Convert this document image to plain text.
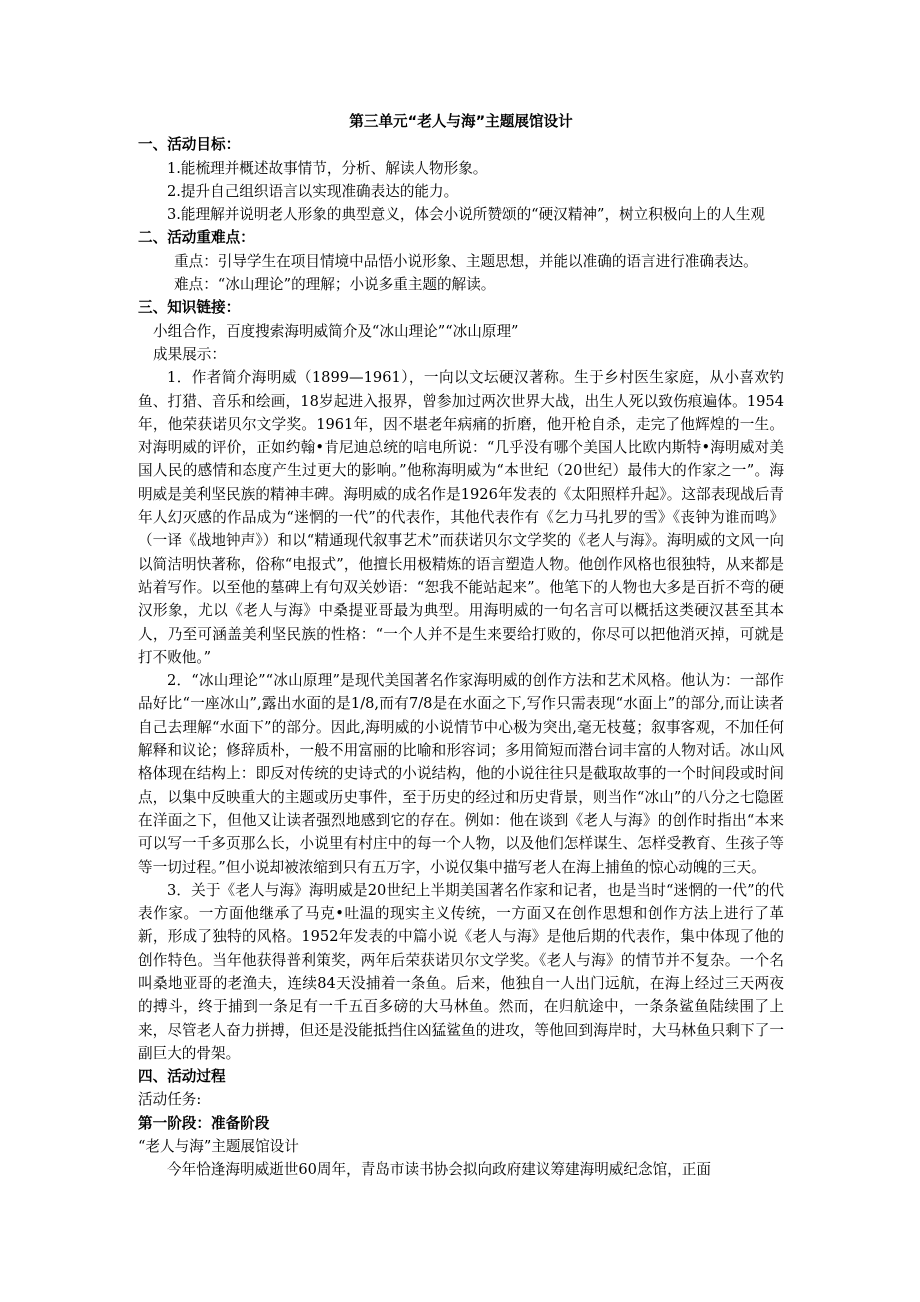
第三单元“老人与海”主题展馆设计
一、活动目标：
1.能梳理并概述故事情节，分析、解读人物形象。
2.提升自己组织语言以实现准确表达的能力。
3.能理解并说明老人形象的典型意义，体会小说所赞颂的“硬汉精神”，树立积极向上的人生观
二、活动重难点：
重点：引导学生在项目情境中品悟小说形象、主题思想，并能以准确的语言进行准确表达。
难点：“冰山理论”的理解；小说多重主题的解读。
三、知识链接：
小组合作，百度搜索海明威简介及“冰山理论”“冰山原理”
成果展示：
1．作者简介海明威（1899—1961），一向以文坛硬汉著称。生于乡村医生家庭，从小喜欢钓鱼、打猎、音乐和绘画，18岁起进入报界，曾参加过两次世界大战，出生人死以致伤痕遍体。1954年，他荣获诺贝尔文学奖。1961年，因不堪老年病痛的折磨，他开枪自杀，走完了他辉煌的一生。对海明威的评价，正如约翰•肯尼迪总统的唁电所说：“几乎没有哪个美国人比欧内斯特•海明威对美国人民的感情和态度产生过更大的影响。”他称海明威为“本世纪（20世纪）最伟大的作家之一”。海明威是美利坚民族的精神丰碑。海明威的成名作是1926年发表的《太阳照样升起》。这部表现战后青年人幻灭感的作品成为“迷惘的一代”的代表作，其他代表作有《乞力马扎罗的雪》《丧钟为谁而鸣》（一译《战地钟声》）和以“精通现代叙事艺术”而获诺贝尔文学奖的《老人与海》。海明威的文风一向以简洁明快著称，俗称“电报式”，他擅长用极精炼的语言塑造人物。他创作风格也很独特，从来都是站着写作。以至他的墓碑上有句双关妙语：“恕我不能站起来”。他笔下的人物也大多是百折不弯的硬汉形象，尤以《老人与海》中桑提亚哥最为典型。用海明威的一句名言可以概括这类硬汉甚至其本人，乃至可涵盖美利坚民族的性格：“一个人并不是生来要给打败的，你尽可以把他消灭掉，可就是打不败他。”
2．“冰山理论”“冰山原理”是现代美国著名作家海明威的创作方法和艺术风格。他认为：一部作品好比“一座冰山”,露出水面的是1/8,而有7/8是在水面之下,写作只需表现“水面上”的部分,而让读者自己去理解“水面下”的部分。因此,海明威的小说情节中心极为突出,毫无枝蔓；叙事客观，不加任何解释和议论；修辞质朴，一般不用富丽的比喻和形容词；多用简短而潜台词丰富的人物对话。冰山风格体现在结构上：即反对传统的史诗式的小说结构，他的小说往往只是截取故事的一个时间段或时间点，以集中反映重大的主题或历史事件，至于历史的经过和历史背景，则当作“冰山”的八分之七隐匿在洋面之下，但他又让读者强烈地感到它的存在。例如：他在谈到《老人与海》的创作时指出“本来可以写一千多页那么长，小说里有村庄中的每一个人物，以及他们怎样谋生、怎样受教育、生孩子等等一切过程。”但小说却被浓缩到只有五万字，小说仅集中描写老人在海上捕鱼的惊心动魄的三天。
3．关于《老人与海》海明威是20世纪上半期美国著名作家和记者，也是当时“迷惘的一代”的代表作家。一方面他继承了马克•吐温的现实主义传统，一方面又在创作思想和创作方法上进行了革新，形成了独特的风格。1952年发表的中篇小说《老人与海》是他后期的代表作，集中体现了他的创作特色。当年他获得普利策奖，两年后荣获诺贝尔文学奖。《老人与海》的情节并不复杂。一个名叫桑地亚哥的老渔夫，连续84天没捕着一条鱼。后来，他独自一人出门远航，在海上经过三天两夜的搏斗，终于捕到一条足有一千五百多磅的大马林鱼。然而，在归航途中，一条条鲨鱼陆续围了上来，尽管老人奋力拼搏，但还是没能抵挡住凶猛鲨鱼的进攻，等他回到海岸时，大马林鱼只剩下了一副巨大的骨架。
四、活动过程
活动任务:
第一阶段：准备阶段
“老人与海”主题展馆设计
今年恰逢海明威逝世60周年，青岛市读书协会拟向政府建议筹建海明威纪念馆，正面
